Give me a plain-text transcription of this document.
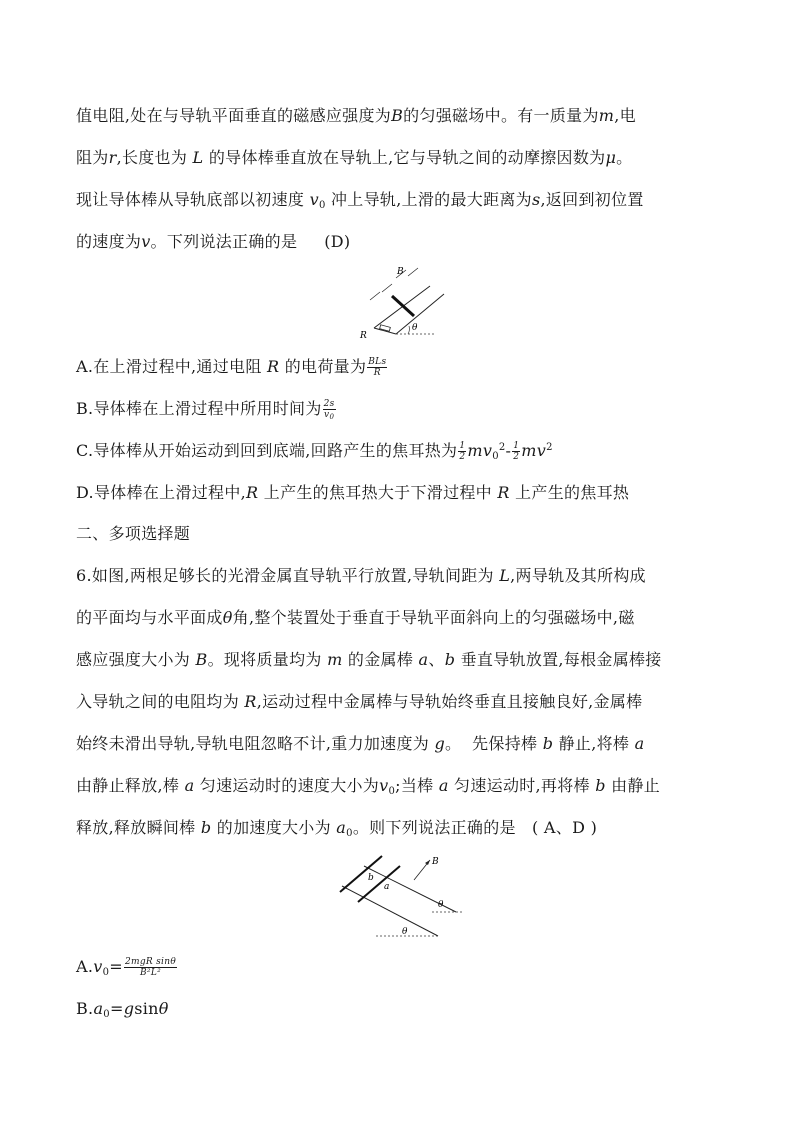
值电阻,处在与导轨平面垂直的磁感应强度为B的匀强磁场中。有一质量为m,电
阻为r,长度也为 L 的导体棒垂直放在导轨上,它与导轨之间的动摩擦因数为μ。
现让导体棒从导轨底部以初速度 $v_0$ 冲上导轨,上滑的最大距离为s,返回到初位置
的速度为v。下列说法正确的是     (D)
B
R
θ
A.在上滑过程中,通过电阻 R 的电荷量为 $\frac{\text{BLs}}{R}$
B.导体棒在上滑过程中所用时间为 $\frac{2s}{v_0}$
C.导体棒从开始运动到回到底端,回路产生的焦耳热为 $\frac{1}{2} mv_0^2- \frac{1}{2} mv^2$
D.导体棒在上滑过程中,R 上产生的焦耳热大于下滑过程中 R 上产生的焦耳热
二、多项选择题
6.如图,两根足够长的光滑金属直导轨平行放置,导轨间距为 L,两导轨及其所构成
的平面均与水平面成θ角,整个装置处于垂直于导轨平面斜向上的匀强磁场中,磁
感应强度大小为 B。现将质量均为 m 的金属棒 a、b 垂直导轨放置,每根金属棒接
入导轨之间的电阻均为 R,运动过程中金属棒与导轨始终垂直且接触良好,金属棒
始终未滑出导轨,导轨电阻忽略不计,重力加速度为 g。  先保持棒 b 静止,将棒 a
由静止释放,棒 a 匀速运动时的速度大小为$v_0$;当棒 a 匀速运动时,再将棒 b 由静止
释放,释放瞬间棒 b 的加速度大小为 $a_0$。则下列说法正确的是   ( A、D )
B
a
b
θ
θ
$A.v_0= \frac{\text{2mgR sinθ}}{\text{B²L²}}$
$B.a_0=gsin\theta$
